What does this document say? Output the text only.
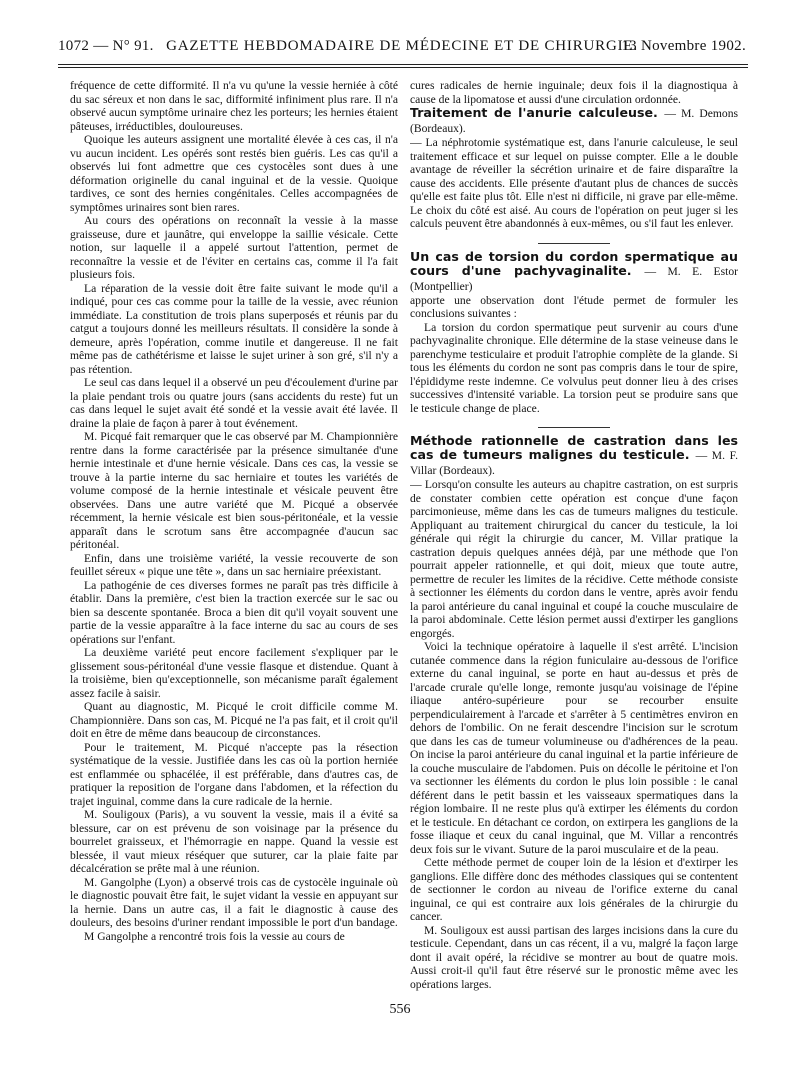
1072 — N° 91. GAZETTE HEBDOMADAIRE DE MÉDECINE ET DE CHIRURGIE.
13 Novembre 1902.

fréquence de cette difformité. Il n'a vu qu'une la vessie herniée à côté du sac séreux et non dans le sac, difformité infiniment plus rare. Il n'a observé aucun symptôme urinaire chez les porteurs; les hernies étaient pâteuses, irréductibles, douloureuses.

Quoique les auteurs assignent une mortalité élevée à ces cas, il n'a vu aucun incident. Les opérés sont restés bien guéris. Les cas qu'il a observés lui font admettre que ces cystocèles sont dues à une déformation originelle du canal inguinal et de la vessie. Quoique tardives, ce sont des hernies congénitales. Celles accompagnées de symptômes urinaires sont bien rares.

Au cours des opérations on reconnaît la vessie à la masse graisseuse, dure et jaunâtre, qui enveloppe la saillie vésicale. Cette notion, sur laquelle il a appelé surtout l'attention, permet de reconnaître la vessie et de l'éviter en certains cas, comme il l'a fait plusieurs fois.

La réparation de la vessie doit être faite suivant le mode qu'il a indiqué, pour ces cas comme pour la taille de la vessie, avec réunion immédiate. La constitution de trois plans superposés et réunis par du catgut a toujours donné les meilleurs résultats. Il considère la sonde à demeure, après l'opération, comme inutile et dangereuse. Il ne fait même pas de cathétérisme et laisse le sujet uriner à son gré, s'il n'y a pas rétention.

Le seul cas dans lequel il a observé un peu d'écoulement d'urine par la plaie pendant trois ou quatre jours (sans accidents du reste) fut un cas dans lequel le sujet avait été sondé et la vessie avait été lavée. Il draine la plaie de façon à parer à tout événement.

M. Picqué fait remarquer que le cas observé par M. Championnière rentre dans la forme caractérisée par la présence simultanée d'une hernie intestinale et d'une hernie vésicale. Dans ces cas, la vessie se trouve à la partie interne du sac herniaire et toutes les variétés de volume composé de la hernie intestinale et vésicale peuvent être observées. Dans une autre variété que M. Picqué a observée récemment, la hernie vésicale est bien sous-péritonéale, et la vessie apparaît dans le scrotum sans être accompagnée d'aucun sac péritonéal.

Enfin, dans une troisième variété, la vessie recouverte de son feuillet séreux « pique une tête », dans un sac herniaire préexistant.

La pathogénie de ces diverses formes ne paraît pas très difficile à établir. Dans la première, c'est bien la traction exercée sur le sac ou bien sa descente spontanée. Broca a bien dit qu'il voyait souvent une partie de la vessie apparaître à la face interne du sac au cours de ses opérations sur l'enfant.

La deuxième variété peut encore facilement s'expliquer par le glissement sous-péritonéal d'une vessie flasque et distendue. Quant à la troisième, bien qu'exceptionnelle, son mécanisme paraît également assez facile à saisir.

Quant au diagnostic, M. Picqué le croit difficile comme M. Championnière. Dans son cas, M. Picqué ne l'a pas fait, et il croit qu'il doit en être de même dans beaucoup de circonstances.

Pour le traitement, M. Picqué n'accepte pas la résection systématique de la vessie. Justifiée dans les cas où la portion herniée est enflammée ou sphacélée, il est préférable, dans d'autres cas, de pratiquer la reposition de l'organe dans l'abdomen, et la réfection du trajet inguinal, comme dans la cure radicale de la hernie.

M. Souligoux (Paris), a vu souvent la vessie, mais il a évité sa blessure, car on est prévenu de son voisinage par la présence du bourrelet graisseux, et l'hémorragie en nappe. Quand la vessie est blessée, il vaut mieux réséquer que suturer, car la plaie faite par décalcération se prête mal à une réunion.

M. Gangolphe (Lyon) a observé trois cas de cystocèle inguinale où le diagnostic pouvait être fait, le sujet vidant la vessie en appuyant sur la hernie. Dans un autre cas, il a fait le diagnostic à cause des douleurs, des besoins d'uriner rendant impossible le port d'un bandage.

M Gangolphe a rencontré trois fois la vessie au cours de

cures radicales de hernie inguinale; deux fois il la diagnostiqua à cause de la lipomatose et aussi d'une circulation ordonnée.

Traitement de l'anurie calculeuse. — M. Demons (Bordeaux).

— La néphrotomie systématique est, dans l'anurie calculeuse, le seul traitement efficace et sur lequel on puisse compter. Elle a le double avantage de réveiller la sécrétion urinaire et de faire disparaître la cause des accidents. Elle présente d'autant plus de chances de succès qu'elle est faite plus tôt. Elle n'est ni difficile, ni grave par elle-même. Le choix du côté est aisé. Au cours de l'opération on peut juger si les calculs peuvent être abandonnés à eux-mêmes, ou s'il faut les enlever.

Un cas de torsion du cordon spermatique au cours d'une pachyvaginalite. — M. E. Estor (Montpellier)

apporte une observation dont l'étude permet de formuler les conclusions suivantes :

La torsion du cordon spermatique peut survenir au cours d'une pachyvaginalite chronique. Elle détermine de la stase veineuse dans le parenchyme testiculaire et produit l'atrophie complète de la glande. Si tous les éléments du cordon ne sont pas compris dans le tour de spire, l'épididyme reste indemne. Ce volvulus peut donner lieu à des crises successives d'intensité variable. La torsion peut se produire sans que le testicule change de place.

Méthode rationnelle de castration dans les cas de tumeurs malignes du testicule. — M. F. Villar (Bordeaux).

— Lorsqu'on consulte les auteurs au chapitre castration, on est surpris de constater combien cette opération est conçue d'une façon parcimonieuse, même dans les cas de tumeurs malignes du testicule. Appliquant au traitement chirurgical du cancer du testicule, la loi générale qui régit la chirurgie du cancer, M. Villar pratique la castration depuis quelques années déjà, par une méthode que l'on pourrait appeler rationnelle, et qui doit, mieux que toute autre, permettre de reculer les limites de la récidive. Cette méthode consiste à sectionner les éléments du cordon dans le ventre, après avoir fendu la paroi antérieure du canal inguinal et coupé la couche musculaire de la paroi abdominale. Cette lésion permet aussi d'extirper les ganglions engorgés.

Voici la technique opératoire à laquelle il s'est arrêté. L'incision cutanée commence dans la région funiculaire au-dessous de l'orifice externe du canal inguinal, se porte en haut au-dessus et près de l'arcade crurale qu'elle longe, remonte jusqu'au voisinage de l'épine iliaque antéro-supérieure pour se recourber ensuite perpendiculairement à l'arcade et s'arrêter à 5 centimètres environ en dehors de l'ombilic. On ne ferait descendre l'incision sur le scrotum que dans les cas de tumeur volumineuse ou d'adhérences de la peau. On incise la paroi antérieure du canal inguinal et la partie inférieure de la couche musculaire de l'abdomen. Puis on décolle le péritoine et l'on va sectionner les éléments du cordon le plus loin possible : le canal déférent dans le petit bassin et les vaisseaux spermatiques dans la région lombaire. Il ne reste plus qu'à extirper les éléments du cordon et le testicule. En détachant ce cordon, on extirpera les ganglions de la fosse iliaque et ceux du canal inguinal, que M. Villar a rencontrés deux fois sur le vivant. Suture de la paroi musculaire et de la peau.

Cette méthode permet de couper loin de la lésion et d'extirper les ganglions. Elle diffère donc des méthodes classiques qui se contentent de sectionner le cordon au niveau de l'orifice externe du canal inguinal, ce qui est contraire aux lois générales de la chirurgie du cancer.

M. Souligoux est aussi partisan des larges incisions dans la cure du testicule. Cependant, dans un cas récent, il a vu, malgré la façon large dont il avait opéré, la récidive se montrer au bout de quatre mois. Aussi croit-il qu'il faut être réservé sur le pronostic même avec les opérations larges.

556
